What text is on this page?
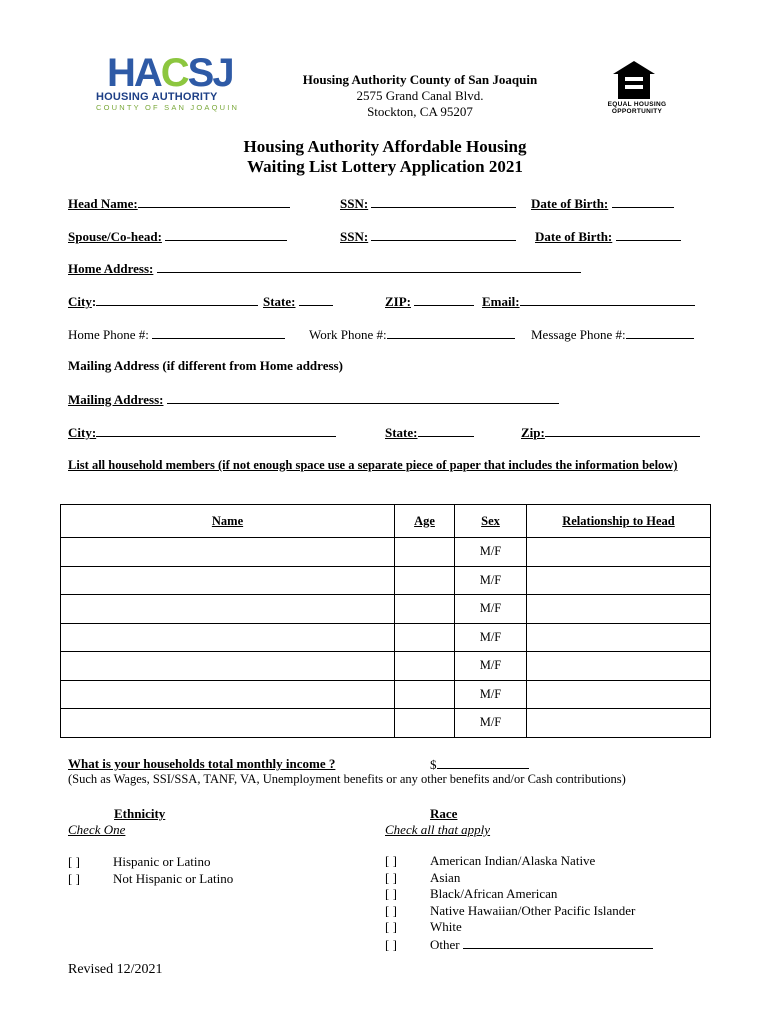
HACSJ
HOUSING AUTHORITY
COUNTY OF SAN JOAQUIN
Housing Authority County of San Joaquin
2575 Grand Canal Blvd.
Stockton, CA 95207	EQUAL HOUSING
OPPORTUNITY
Housing Authority Affordable Housing
Waiting List Lottery Application 2021
Head Name:	SSN:	Date of Birth:
Spouse/Co-head:	SSN:	Date of Birth:
Home Address:
City:	State:	ZIP:	Email:
Home Phone #:	Work Phone #:	Message Phone #:
Mailing Address (if different from Home address)
Mailing Address:
City:	State:	Zip:
List all household members (if not enough space use a separate piece of paper that includes the information below)
Name	Age	Sex	Relationship to Head
		M/F	
		M/F	
		M/F	
		M/F	
		M/F	
		M/F	
		M/F	
What is your households total monthly income ?	$
(Such as Wages, SSI/SSA, TANF, VA, Unemployment benefits or any other benefits and/or Cash contributions)
Ethnicity
Check One
[ ]	Hispanic or Latino
[ ]	Not Hispanic or Latino
Race
Check all that apply
[ ]	American Indian/Alaska Native
[ ]	Asian
[ ]	Black/African American
[ ]	Native Hawaiian/Other Pacific Islander
[ ]	White
[ ]	Other
Revised 12/2021
